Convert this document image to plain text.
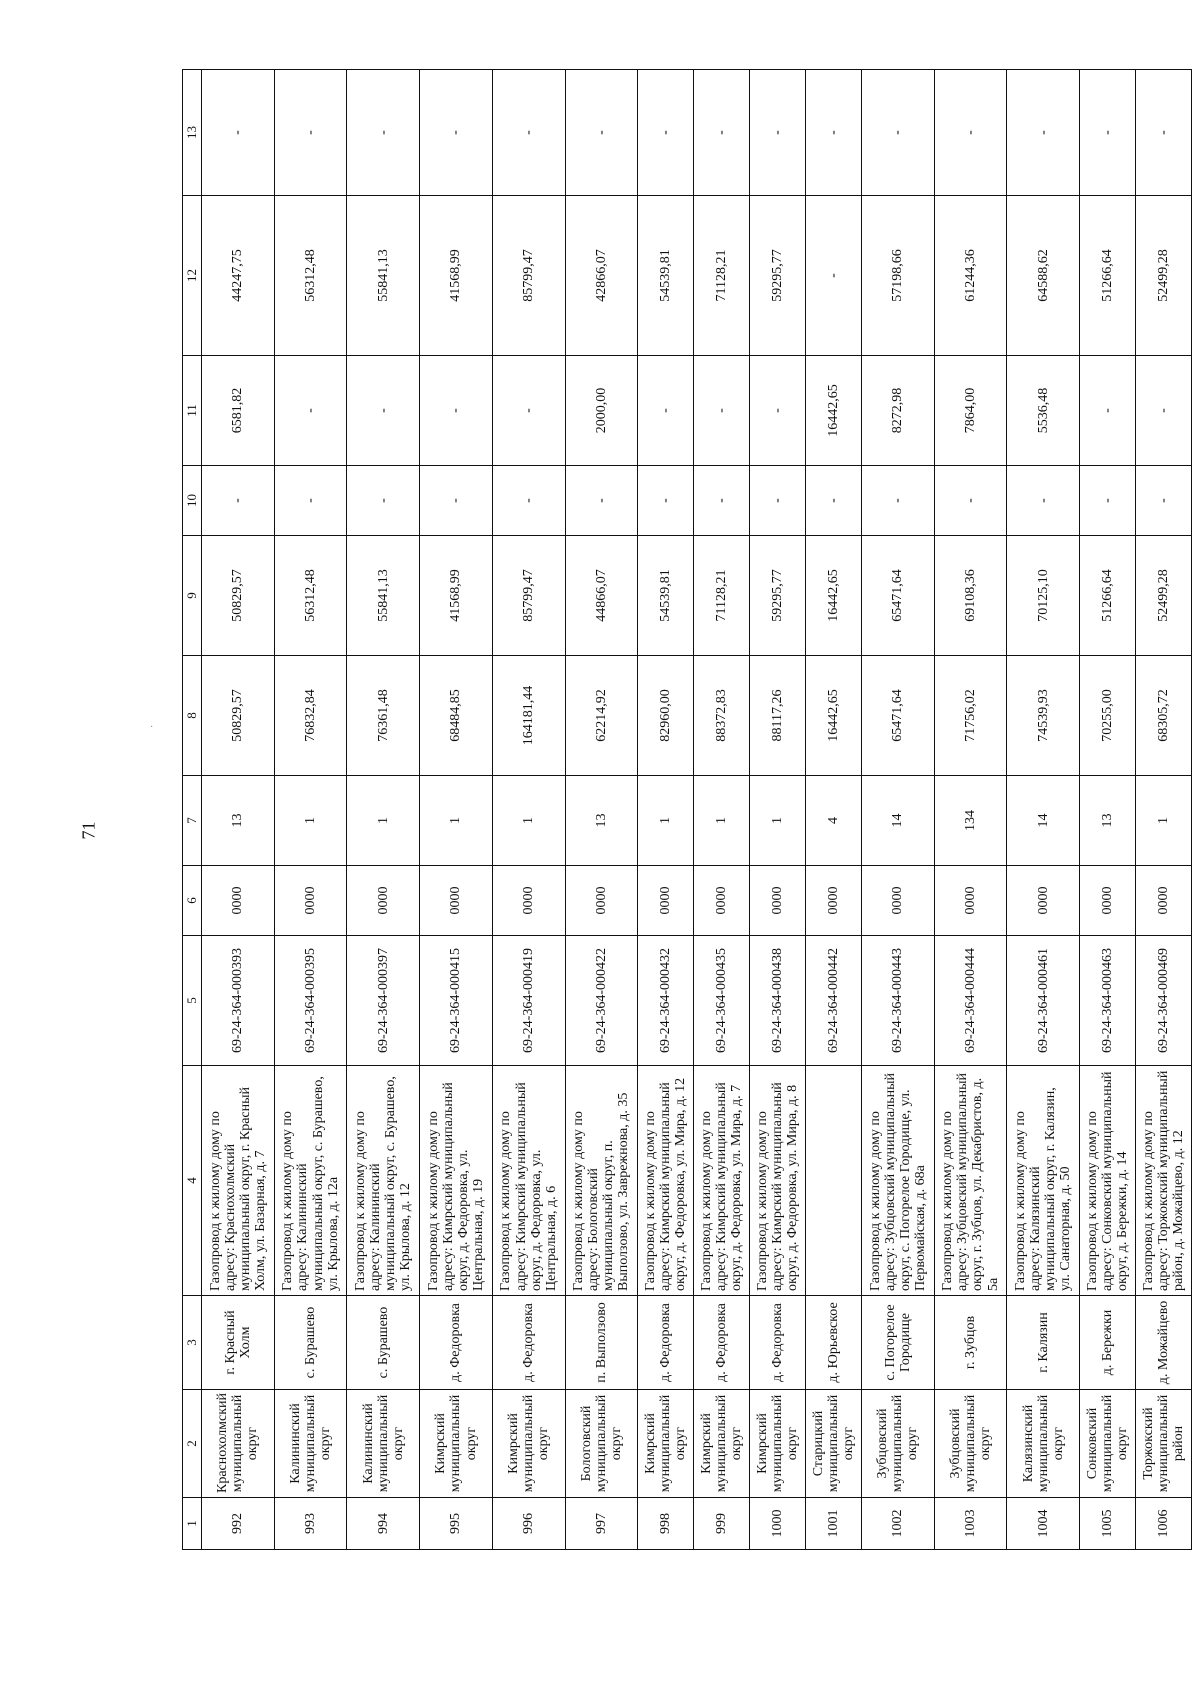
71
·
1	2	3	4	5	6	7	8	9	10	11	12	13
992	Краснохолмский муниципальный округ	г. Красный Холм	Газопровод к жилому дому по адресу: Краснохолмский муниципальный округ, г. Красный Холм, ул. Базарная, д. 7	69-24-364-000393	0000	13	50829,57	50829,57	-	6581,82	44247,75	-
993	Калининский муниципальный округ	с. Бурашево	Газопровод к жилому дому по адресу: Калининский муниципальный округ, с. Бурашево, ул. Крылова, д. 12а	69-24-364-000395	0000	1	76832,84	56312,48	-	-	56312,48	-
994	Калининский муниципальный округ	с. Бурашево	Газопровод к жилому дому по адресу: Калининский муниципальный округ, с. Бурашево, ул. Крылова, д. 12	69-24-364-000397	0000	1	76361,48	55841,13	-	-	55841,13	-
995	Кимрский муниципальный округ	д. Федоровка	Газопровод к жилому дому по адресу: Кимрский муниципальный округ, д. Федоровка, ул. Центральная, д. 19	69-24-364-000415	0000	1	68484,85	41568,99	-	-	41568,99	-
996	Кимрский муниципальный округ	д. Федоровка	Газопровод к жилому дому по адресу: Кимрский муниципальный округ, д. Федоровка, ул. Центральная, д. 6	69-24-364-000419	0000	1	164181,44	85799,47	-	-	85799,47	-
997	Бологовский муниципальный округ	п. Выползово	Газопровод к жилому дому по адресу: Бологовский муниципальный округ, п. Выползово, ул. Заврежнова, д. 35	69-24-364-000422	0000	13	62214,92	44866,07	-	2000,00	42866,07	-
998	Кимрский муниципальный округ	д. Федоровка	Газопровод к жилому дому по адресу: Кимрский муниципальный округ, д. Федоровка, ул. Мира, д. 12	69-24-364-000432	0000	1	82960,00	54539,81	-	-	54539,81	-
999	Кимрский муниципальный округ	д. Федоровка	Газопровод к жилому дому по адресу: Кимрский муниципальный округ, д. Федоровка, ул. Мира, д. 7	69-24-364-000435	0000	1	88372,83	71128,21	-	-	71128,21	-
1000	Кимрский муниципальный округ	д. Федоровка	Газопровод к жилому дому по адресу: Кимрский муниципальный округ, д. Федоровка, ул. Мира, д. 8	69-24-364-000438	0000	1	88117,26	59295,77	-	-	59295,77	-
1001	Старицкий муниципальный округ	д. Юрьевское		69-24-364-000442	0000	4	16442,65	16442,65	-	16442,65	-	-
1002	Зубцовский муниципальный округ	с. Погорелое Городище	Газопровод к жилому дому по адресу: Зубцовский муниципальный округ, с. Погорелое Городище, ул. Первомайская, д. 68а	69-24-364-000443	0000	14	65471,64	65471,64	-	8272,98	57198,66	-
1003	Зубцовский муниципальный округ	г. Зубцов	Газопровод к жилому дому по адресу: Зубцовский муниципальный округ, г. Зубцов, ул. Декабристов, д. 5а	69-24-364-000444	0000	134	71756,02	69108,36	-	7864,00	61244,36	-
1004	Калязинский муниципальный округ	г. Калязин	Газопровод к жилому дому по адресу: Калязинский муниципальный округ, г. Калязин, ул. Санаторная, д. 50	69-24-364-000461	0000	14	74539,93	70125,10	-	5536,48	64588,62	-
1005	Сонковский муниципальный округ	д. Бережки	Газопровод к жилому дому по адресу: Сонковский муниципальный округ, д. Бережки, д. 14	69-24-364-000463	0000	13	70255,00	51266,64	-	-	51266,64	-
1006	Торжокский муниципальный район	д. Можайцево	Газопровод к жилому дому по адресу: Торжокский муниципальный район, д. Можайцево, д. 12	69-24-364-000469	0000	1	68305,72	52499,28	-	-	52499,28	-
